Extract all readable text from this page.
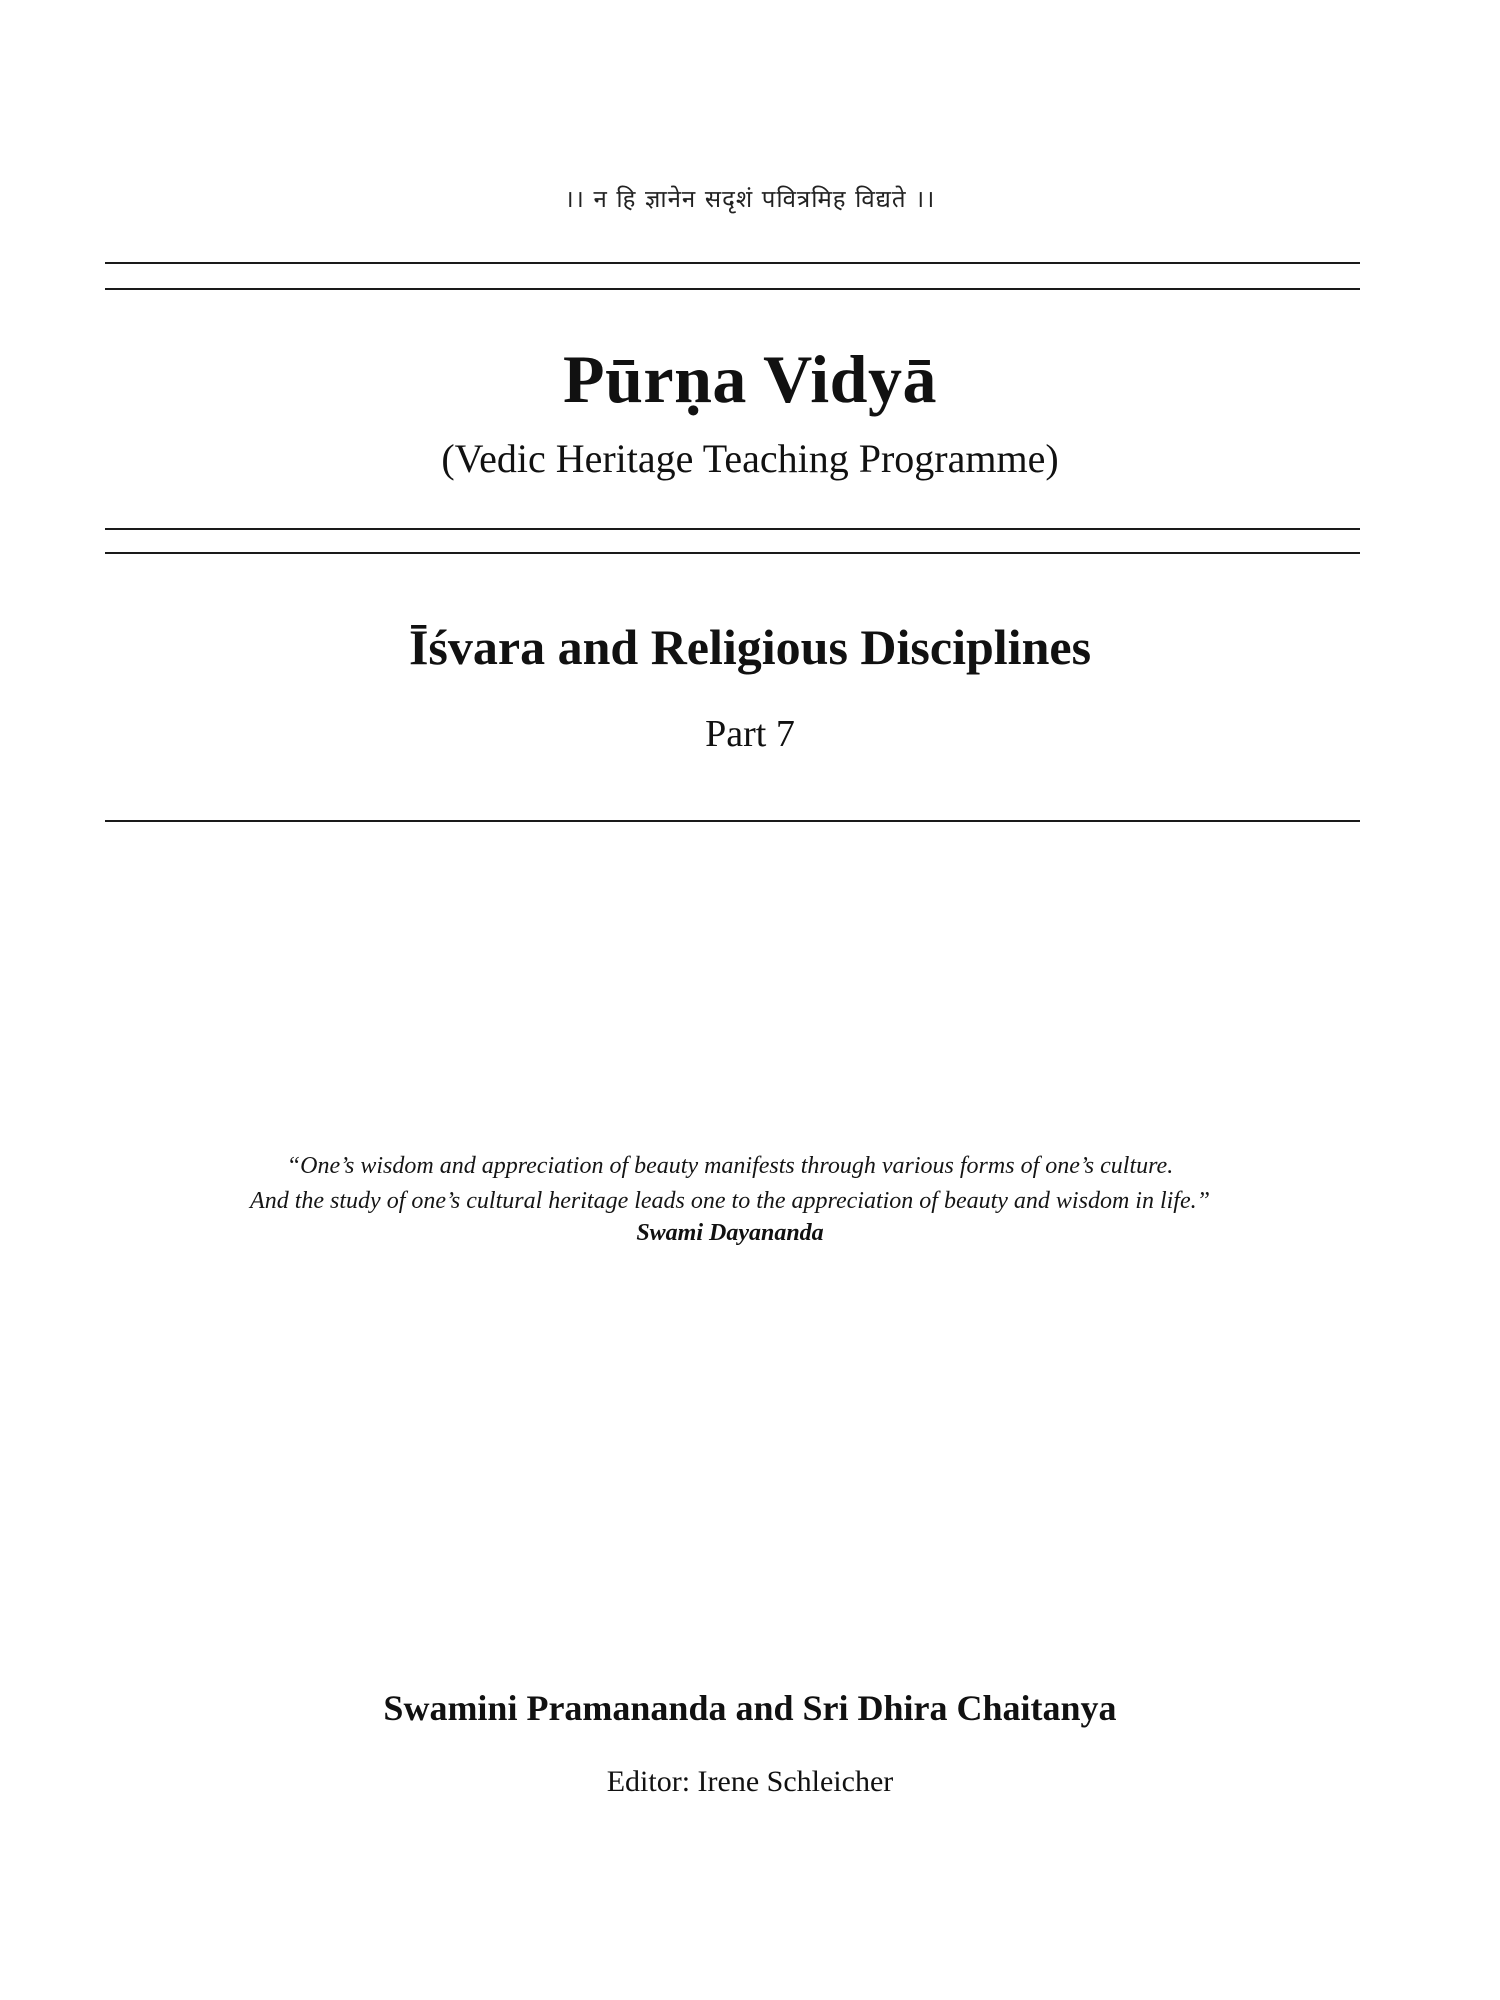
।। न हि ज्ञानेन सदृशं पवित्रमिह विद्यते ।।
Pūrṇa Vidyā
(Vedic Heritage Teaching Programme)
Īśvara and Religious Disciplines
Part 7
“One’s wisdom and appreciation of beauty manifests through various forms of one’s culture.
And the study of one’s cultural heritage leads one to the appreciation of beauty and wisdom in life.”
Swami Dayananda
Swamini Pramananda and Sri Dhira Chaitanya
Editor: Irene Schleicher
